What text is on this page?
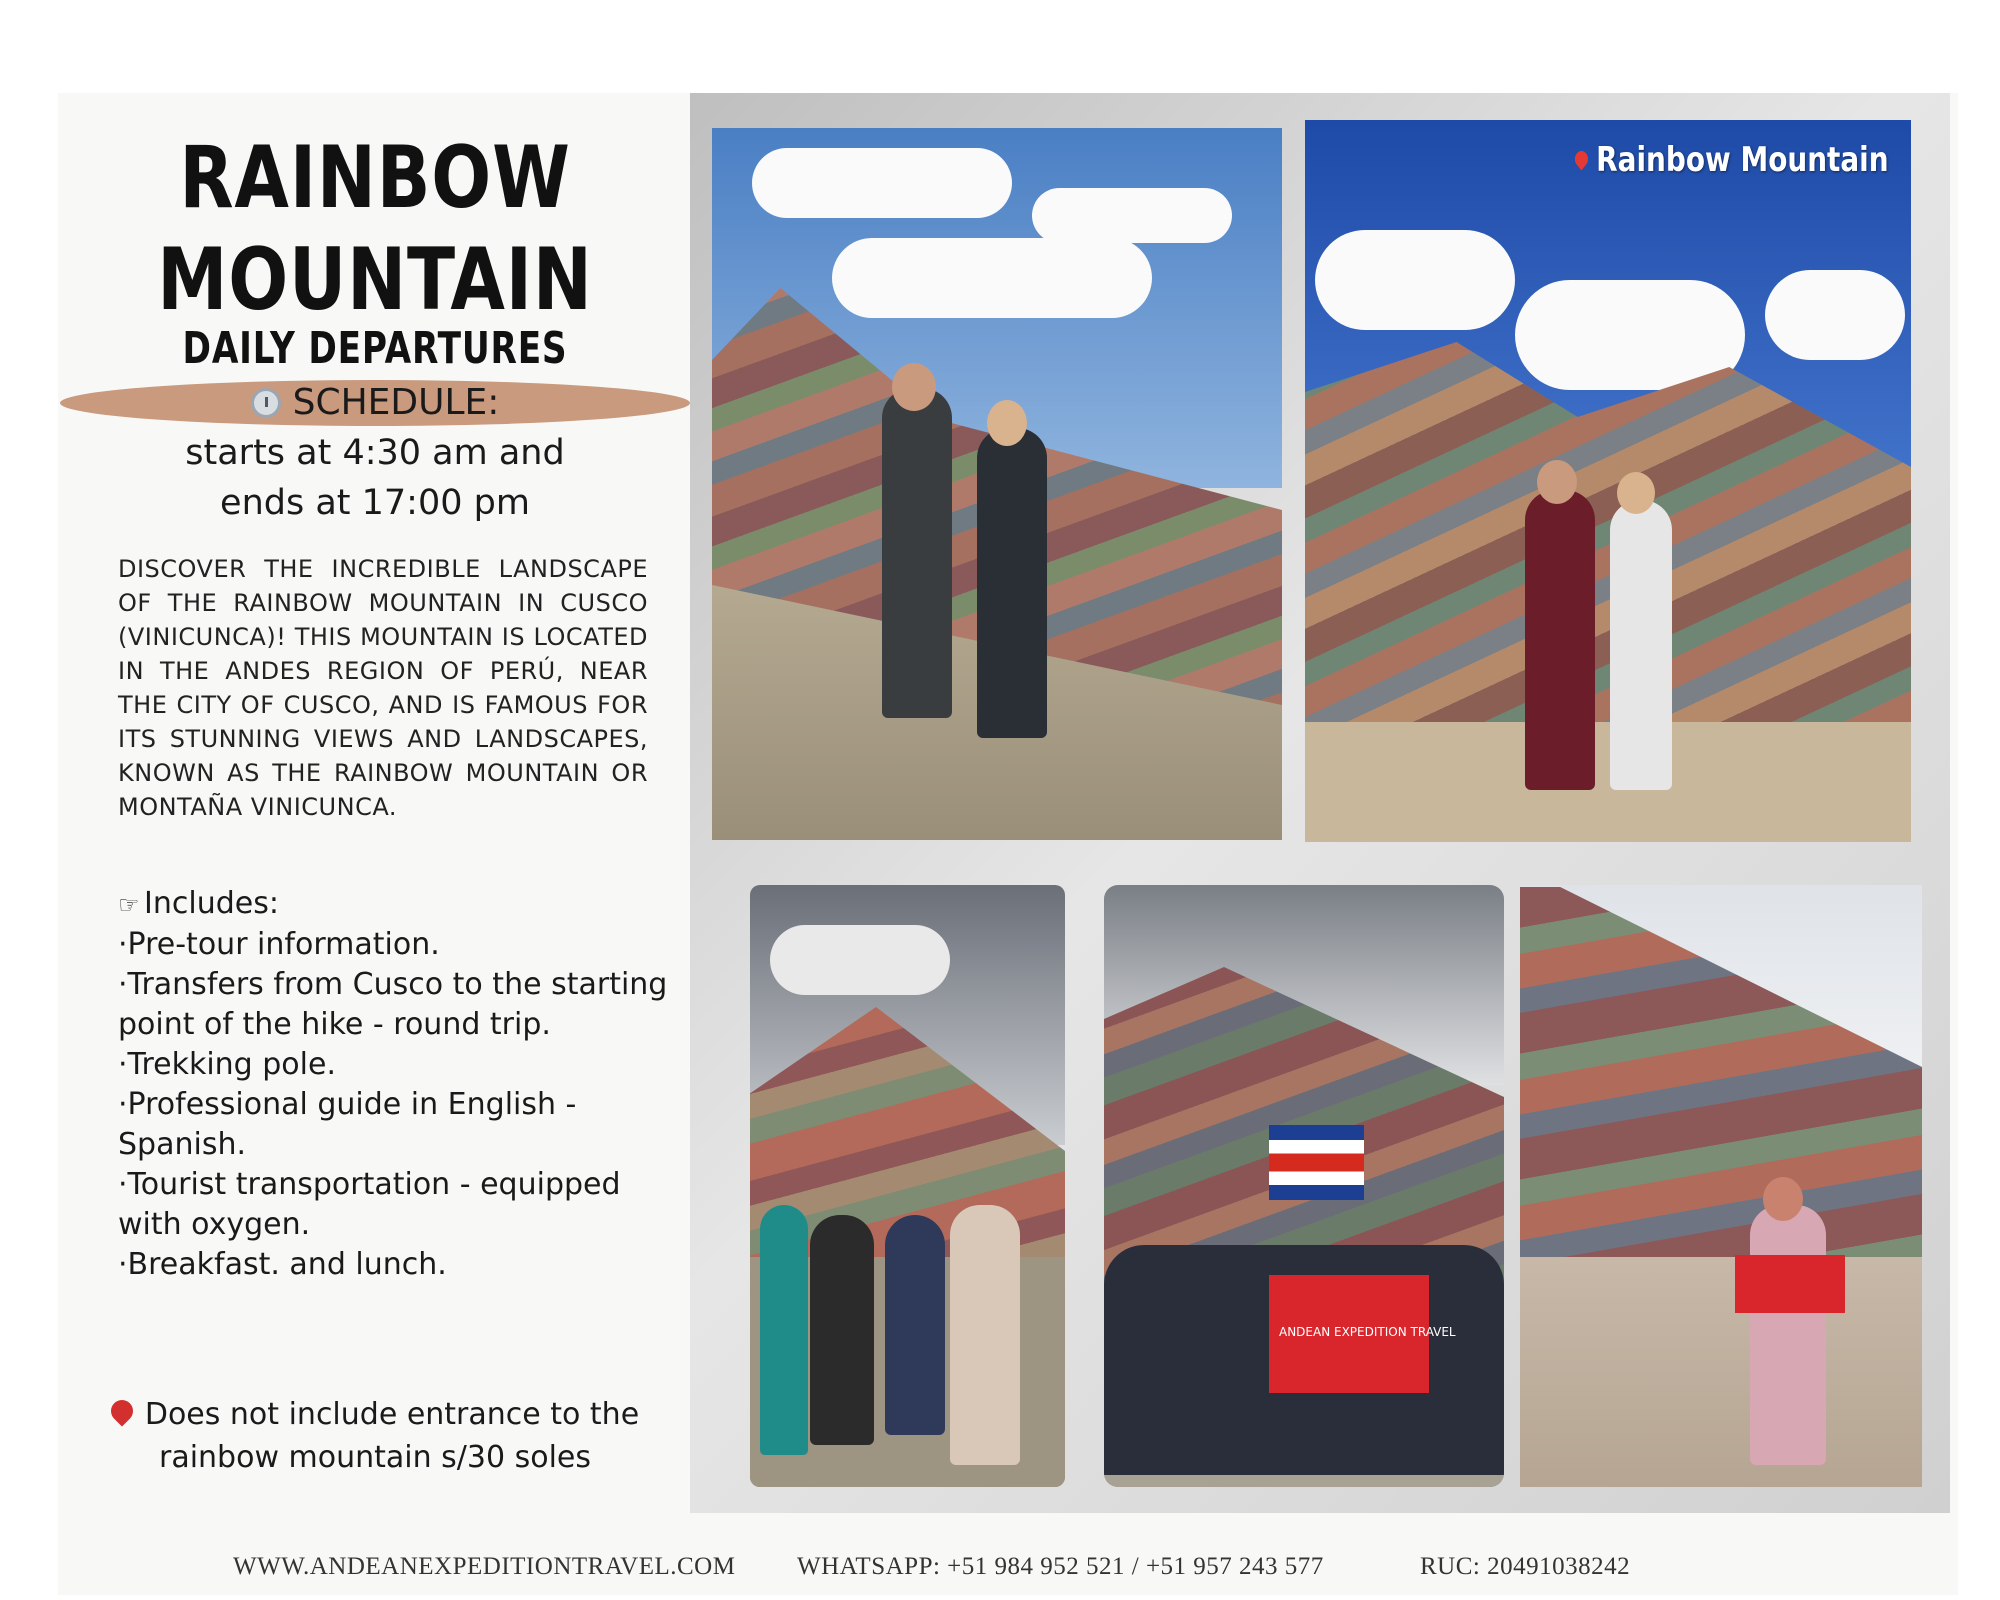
RAINBOW
MOUNTAIN
DAILY DEPARTURES
SCHEDULE:
starts at 4:30 am and ends at 17:00 pm
DISCOVER THE INCREDIBLE LANDSCAPE OF THE RAINBOW MOUNTAIN IN CUSCO (VINICUNCA)! THIS MOUNTAIN IS LOCATED IN THE ANDES REGION OF PERÚ, NEAR THE CITY OF CUSCO, AND IS FAMOUS FOR ITS STUNNING VIEWS AND LANDSCAPES, KNOWN AS THE RAINBOW MOUNTAIN OR MONTAÑA VINICUNCA.
☞ Includes:
·Pre-tour information.
·Transfers from Cusco to the starting point of the hike - round trip.
·Trekking pole.
·Professional guide in English - Spanish.
·Tourist transportation - equipped with oxygen.
·Breakfast. and lunch.
Does not include entrance to the rainbow mountain s/30 soles
Rainbow Mountain
ANDEAN EXPEDITION TRAVEL
WWW.ANDEANEXPEDITIONTRAVEL.COM WHATSAPP: +51 984 952 521 / +51 957 243 577	RUC: 20491038242
